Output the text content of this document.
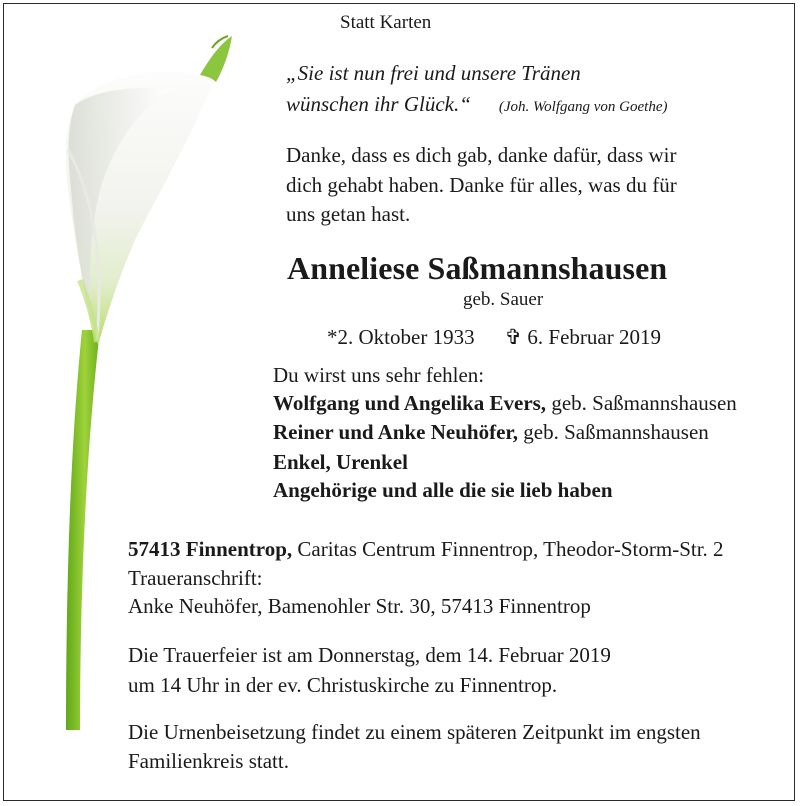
Statt Karten
„Sie ist nun frei und unsere Tränen
wünschen ihr Glück.“ (Joh. Wolfgang von Goethe)
Danke, dass es dich gab, danke dafür, dass wir
dich gehabt haben. Danke für alles, was du für
uns getan hast.
Anneliese Saßmannshausen
geb. Sauer
*2. Oktober 1933 ✞ 6. Februar 2019
Du wirst uns sehr fehlen:
Wolfgang und Angelika Evers, geb. Saßmannshausen
Reiner und Anke Neuhöfer, geb. Saßmannshausen
Enkel, Urenkel
Angehörige und alle die sie lieb haben
57413 Finnentrop, Caritas Centrum Finnentrop, Theodor-Storm-Str. 2
Traueranschrift:
Anke Neuhöfer, Bamenohler Str. 30, 57413 Finnentrop
Die Trauerfeier ist am Donnerstag, dem 14. Februar 2019
um 14 Uhr in der ev. Christuskirche zu Finnentrop.
Die Urnenbeisetzung findet zu einem späteren Zeitpunkt im engsten
Familienkreis statt.
